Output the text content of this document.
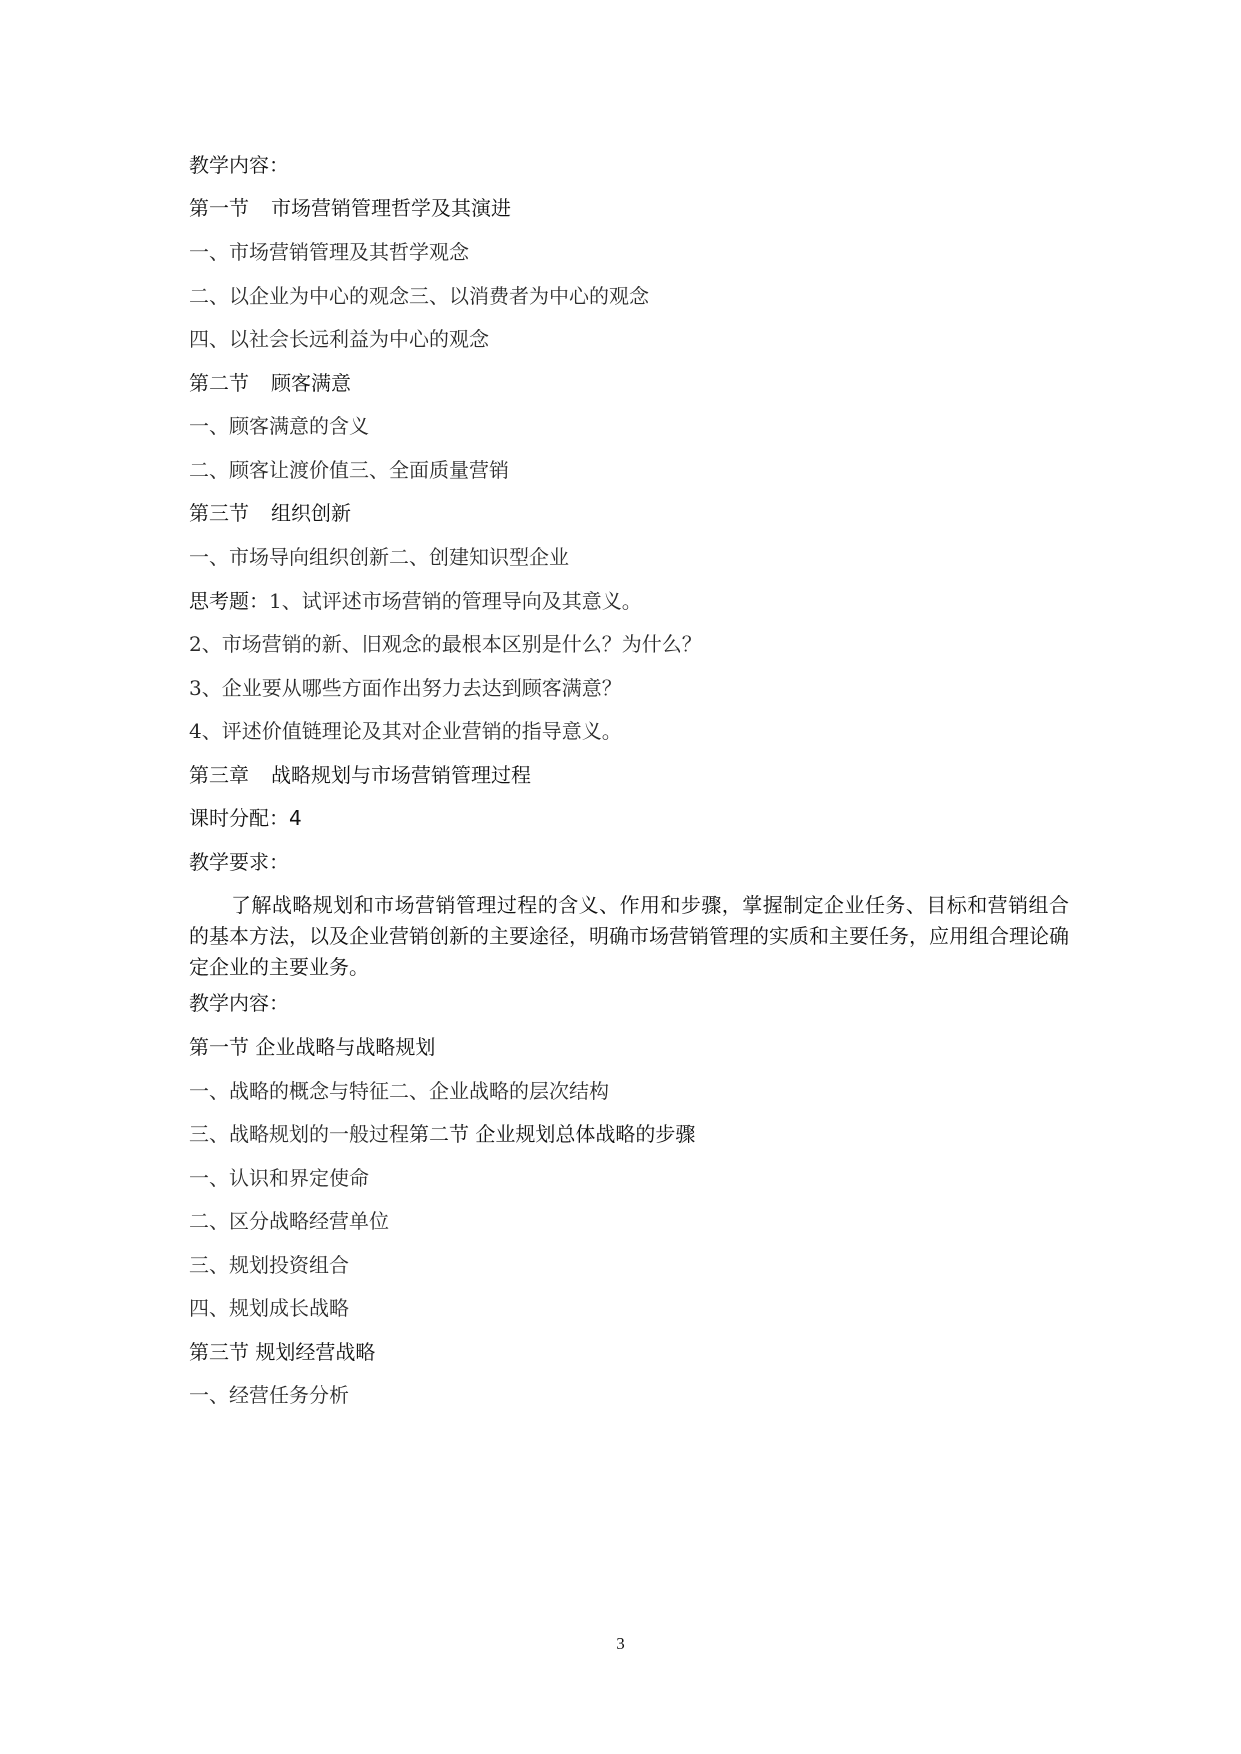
教学内容：
第一节 市场营销管理哲学及其演进
一、市场营销管理及其哲学观念
二、以企业为中心的观念三、以消费者为中心的观念
四、以社会长远利益为中心的观念
第二节 顾客满意
一、顾客满意的含义
二、顾客让渡价值三、全面质量营销
第三节 组织创新
一、市场导向组织创新二、创建知识型企业
思考题：1、试评述市场营销的管理导向及其意义。
2、市场营销的新、旧观念的最根本区别是什么？为什么？
3、企业要从哪些方面作出努力去达到顾客满意？
4、评述价值链理论及其对企业营销的指导意义。
第三章 战略规划与市场营销管理过程
课时分配：4
教学要求：
了解战略规划和市场营销管理过程的含义、作用和步骤，掌握制定企业任务、目标和营销组合的基本方法，以及企业营销创新的主要途径，明确市场营销管理的实质和主要任务，应用组合理论确定企业的主要业务。
教学内容：
第一节 企业战略与战略规划
一、战略的概念与特征二、企业战略的层次结构
三、战略规划的一般过程第二节 企业规划总体战略的步骤
一、认识和界定使命
二、区分战略经营单位
三、规划投资组合
四、规划成长战略
第三节 规划经营战略
一、经营任务分析
3
